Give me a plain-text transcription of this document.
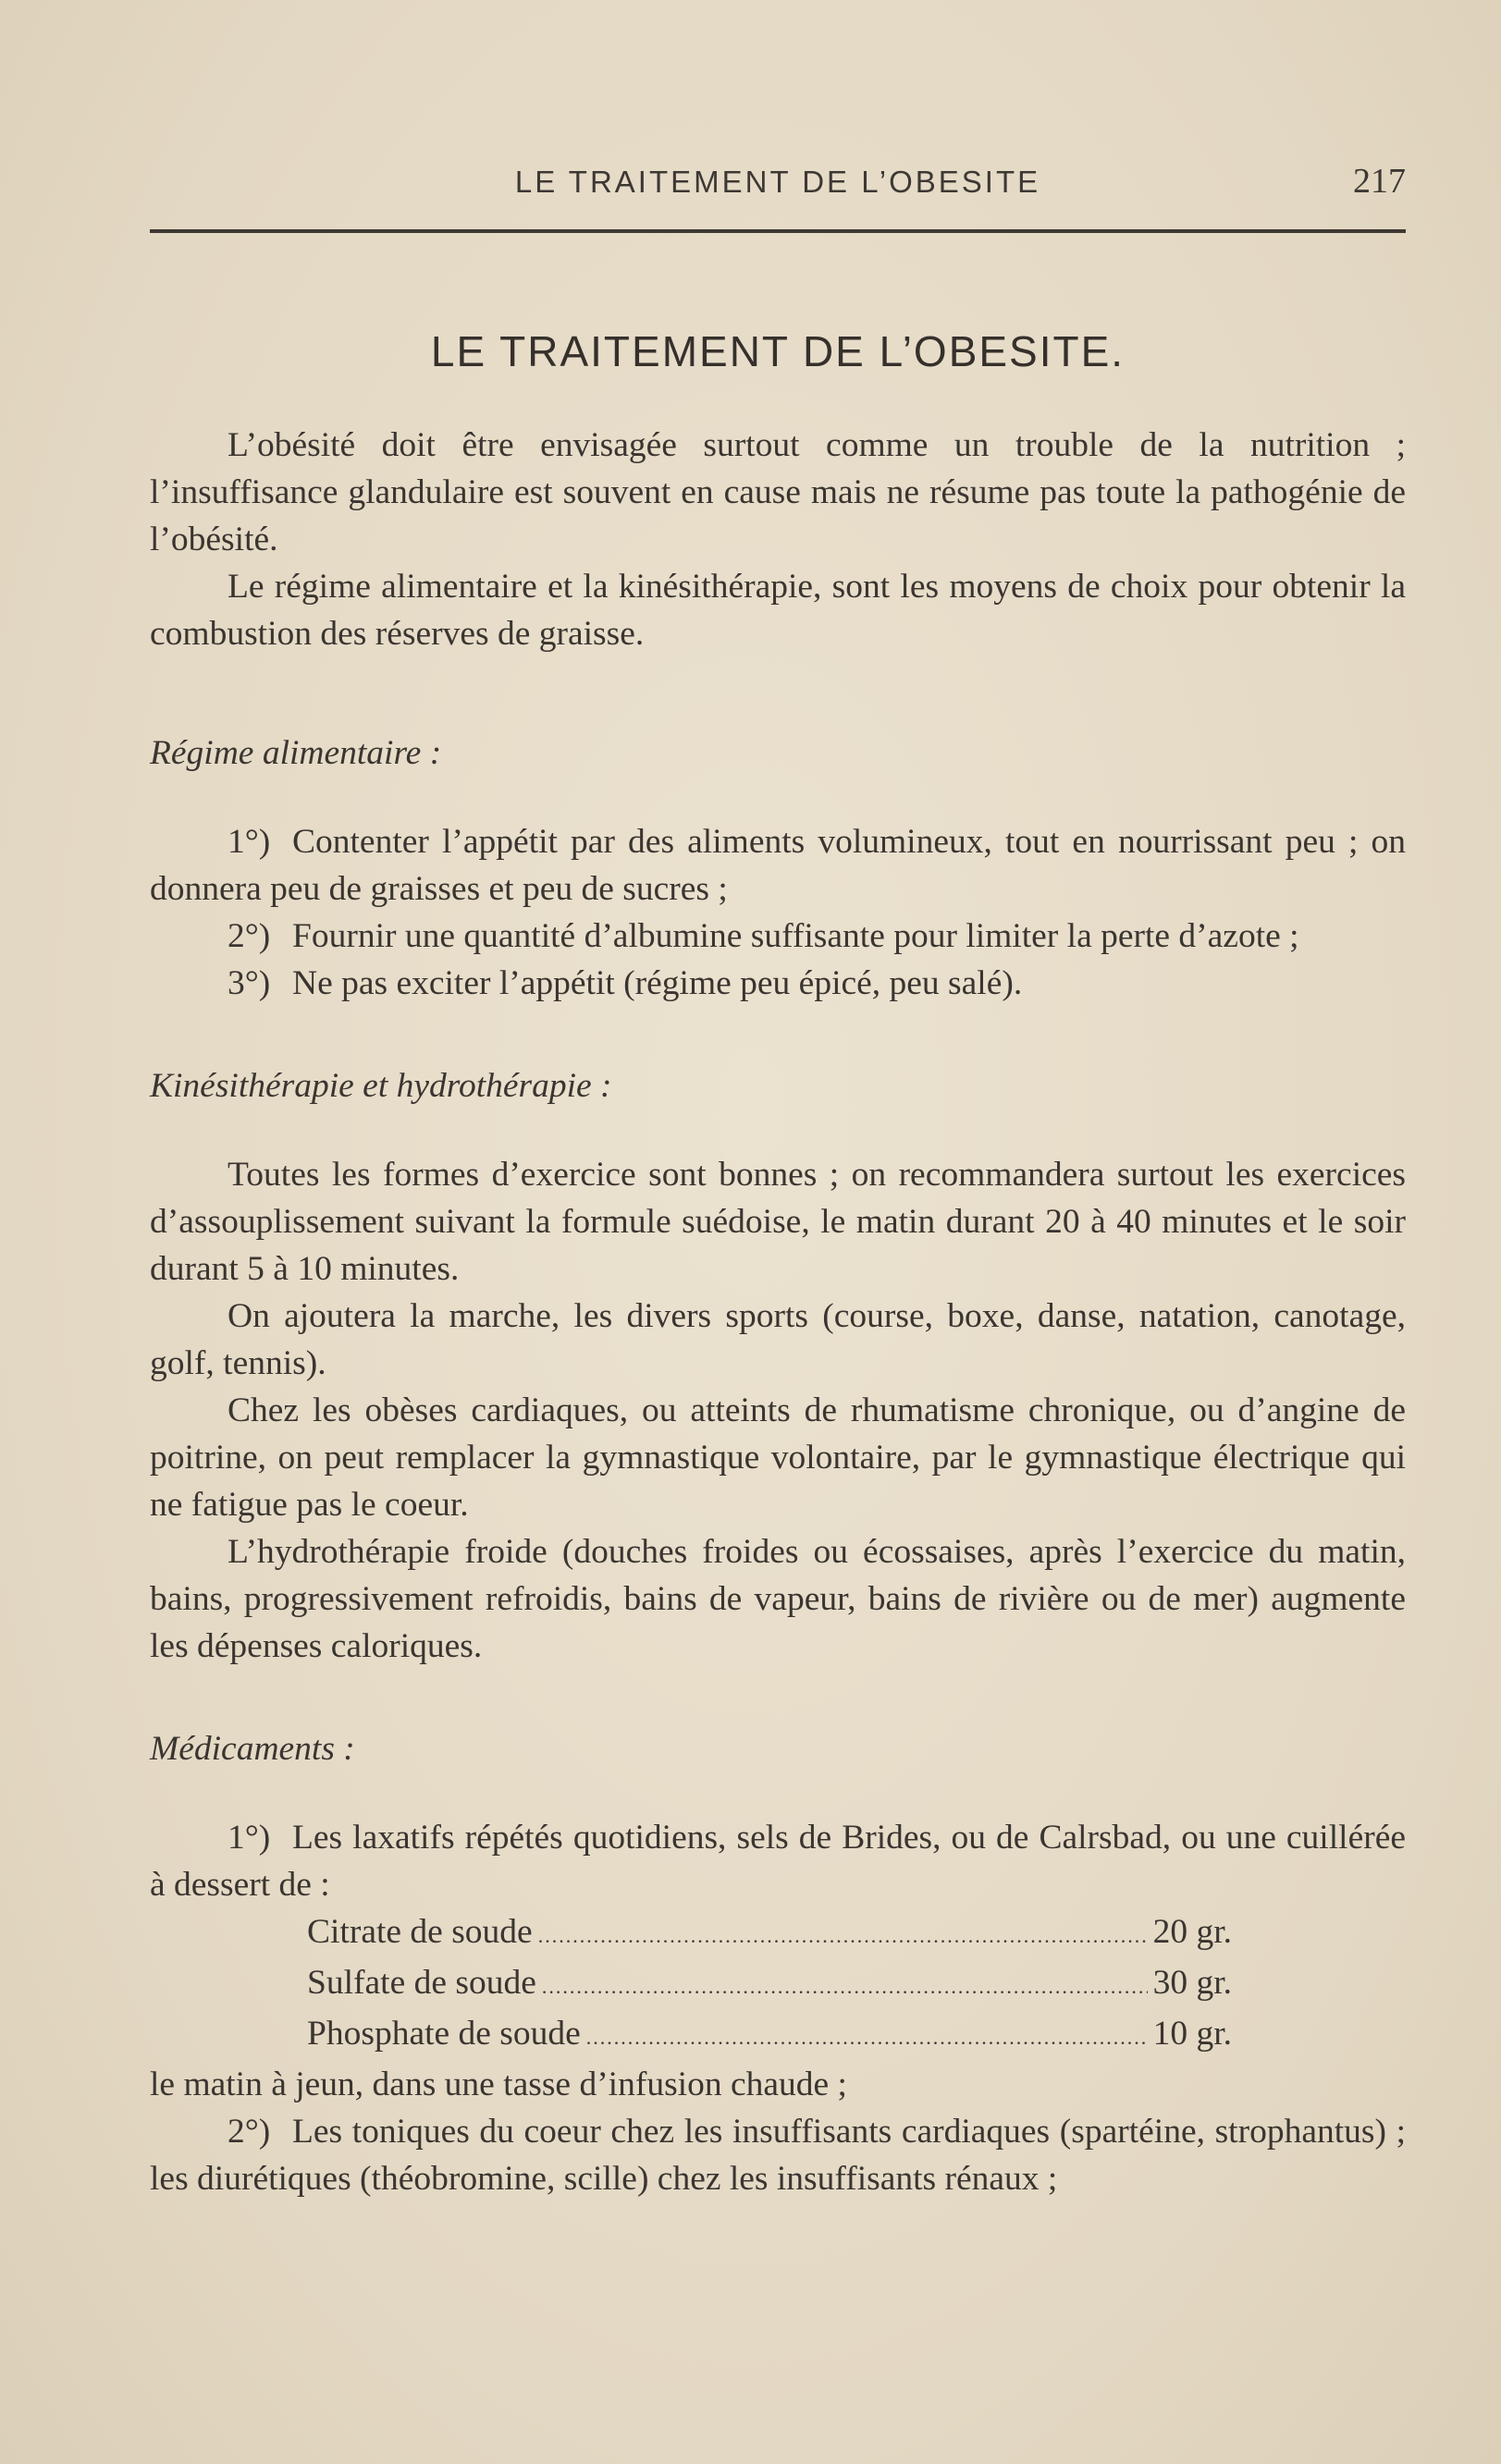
LE TRAITEMENT DE L’OBESITE	217
LE TRAITEMENT DE L’OBESITE.

L’obésité doit être envisagée surtout comme un trouble de la nutrition ; l’insuffisance glandulaire est souvent en cause mais ne résume pas toute la pathogénie de l’obésité.

Le régime alimentaire et la kinésithérapie, sont les moyens de choix pour obtenir la combustion des réserves de graisse.

Régime alimentaire :

1°) Contenter l’appétit par des aliments volumineux, tout en nourrissant peu ; on donnera peu de graisses et peu de sucres ;

2°) Fournir une quantité d’albumine suffisante pour limiter la perte d’azote ;

3°) Ne pas exciter l’appétit (régime peu épicé, peu salé).

Kinésithérapie et hydrothérapie :

Toutes les formes d’exercice sont bonnes ; on recommandera surtout les exercices d’assouplissement suivant la formule suédoise, le matin durant 20 à 40 minutes et le soir durant 5 à 10 minutes.

On ajoutera la marche, les divers sports (course, boxe, danse, natation, canotage, golf, tennis).

Chez les obèses cardiaques, ou atteints de rhumatisme chronique, ou d’angine de poitrine, on peut remplacer la gymnastique volontaire, par le gymnastique électrique qui ne fatigue pas le coeur.

L’hydrothérapie froide (douches froides ou écossaises, après l’exercice du matin, bains, progressivement refroidis, bains de vapeur, bains de rivière ou de mer) augmente les dépenses caloriques.

Médicaments :

1°) Les laxatifs répétés quotidiens, sels de Brides, ou de Calrsbad, ou une cuillérée à dessert de :

Citrate de soude .....	20 gr.
Sulfate de soude .....	30 gr.
Phosphate de soude .....	10 gr.

le matin à jeun, dans une tasse d’infusion chaude ;

2°) Les toniques du coeur chez les insuffisants cardiaques (spartéine, strophantus) ; les diurétiques (théobromine, scille) chez les insuffisants rénaux ;
